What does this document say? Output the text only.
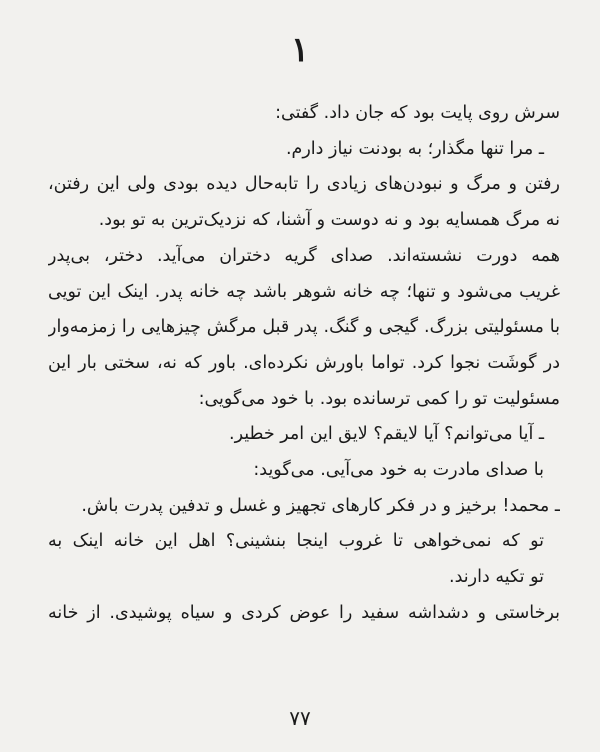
۱
سرش روی پایت بود که جان داد. گفتی:
ـ مرا تنها مگذار؛ به بودنت نیاز دارم.
رفتن و مرگ و نبودن‌های زیادی را تابه‌حال دیده بودی ولی این رفتن،
نه مرگ همسایه بود و نه دوست و آشنا، که نزدیک‌ترین به تو بود.
همه دورت نشسته‌اند. صدای گریه دختران می‌آید. دختر، بی‌پدر
غریب می‌شود و تنها؛ چه خانه شوهر باشد چه خانه پدر. اینک این تویی
با مسئولیتی بزرگ. گیجی و گنگ. پدر قبل مرگش چیزهایی را زمزمه‌وار
در گوشَت نجوا کرد. تواما باورش نکرده‌ای. باور که نه، سختی بار این
مسئولیت تو را کمی ترسانده بود. با خود می‌گویی:
ـ آیا می‌توانم؟ آیا لایقم؟ لایق این امر خطیر.
با صدای مادرت به خود می‌آیی. می‌گوید:
ـ محمد! برخیز و در فکر کارهای تجهیز و غسل و تدفین پدرت باش.
تو که نمی‌خواهی تا غروب اینجا بنشینی؟ اهل این خانه اینک به
تو تکیه دارند.
برخاستی و دشداشه سفید را عوض کردی و سیاه پوشیدی. از خانه
۷۷
